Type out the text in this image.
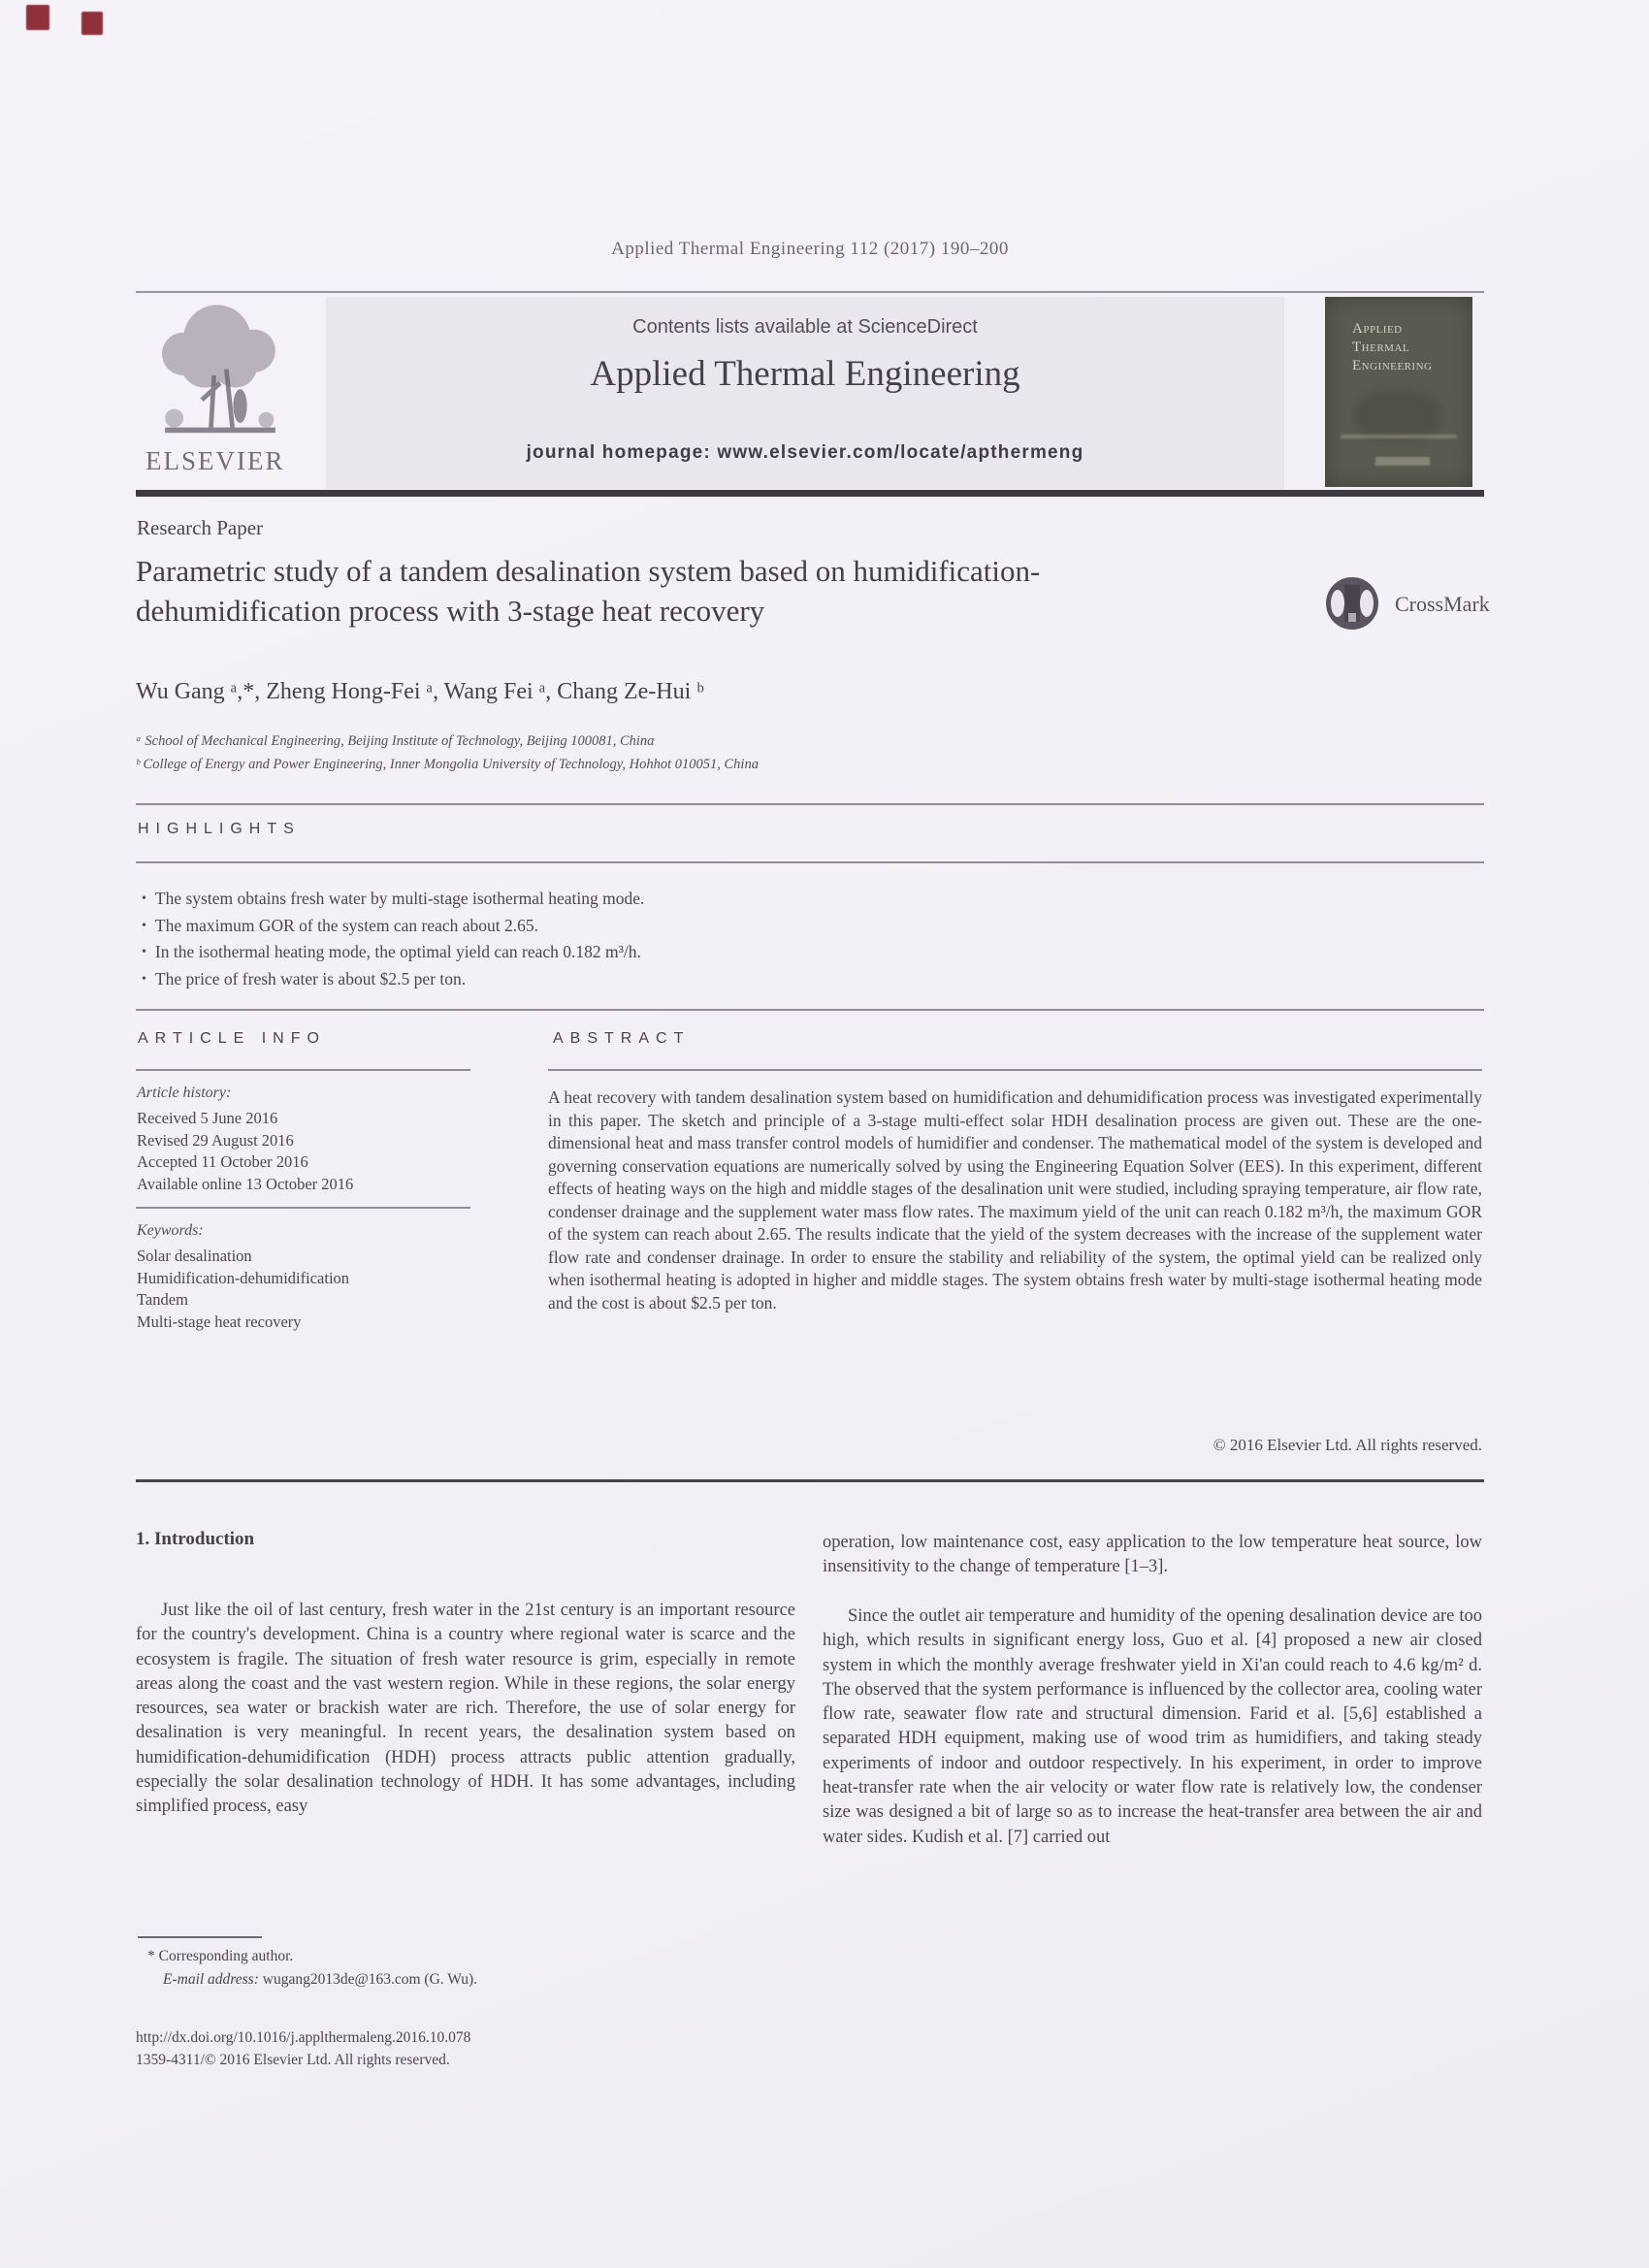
Applied Thermal Engineering 112 (2017) 190–200
ELSEVIER
Contents lists available at ScienceDirect
Applied Thermal Engineering
journal homepage: www.elsevier.com/locate/apthermeng
Applied
Thermal
Engineering
Research Paper
Parametric study of a tandem desalination system based on humidification-dehumidification process with 3-stage heat recovery	CrossMark
Wu Gang ᵃ,*, Zheng Hong-Fei ᵃ, Wang Fei ᵃ, Chang Ze-Hui ᵇ
ᵃ School of Mechanical Engineering, Beijing Institute of Technology, Beijing 100081, China
ᵇ College of Energy and Power Engineering, Inner Mongolia University of Technology, Hohhot 010051, China
HIGHLIGHTS
• The system obtains fresh water by multi-stage isothermal heating mode.
• The maximum GOR of the system can reach about 2.65.
• In the isothermal heating mode, the optimal yield can reach 0.182 m³/h.
• The price of fresh water is about $2.5 per ton.
ARTICLE INFO
Article history:
Received 5 June 2016
Revised 29 August 2016
Accepted 11 October 2016
Available online 13 October 2016
Keywords:
Solar desalination
Humidification-dehumidification
Tandem
Multi-stage heat recovery
ABSTRACT
A heat recovery with tandem desalination system based on humidification and dehumidification process was investigated experimentally in this paper. The sketch and principle of a 3-stage multi-effect solar HDH desalination process are given out. These are the one-dimensional heat and mass transfer control models of humidifier and condenser. The mathematical model of the system is developed and governing conservation equations are numerically solved by using the Engineering Equation Solver (EES). In this experiment, different effects of heating ways on the high and middle stages of the desalination unit were studied, including spraying temperature, air flow rate, condenser drainage and the supplement water mass flow rates. The maximum yield of the unit can reach 0.182 m³/h, the maximum GOR of the system can reach about 2.65. The results indicate that the yield of the system decreases with the increase of the supplement water flow rate and condenser drainage. In order to ensure the stability and reliability of the system, the optimal yield can be realized only when isothermal heating is adopted in higher and middle stages. The system obtains fresh water by multi-stage isothermal heating mode and the cost is about $2.5 per ton.
© 2016 Elsevier Ltd. All rights reserved.
1. Introduction
Just like the oil of last century, fresh water in the 21st century is an important resource for the country's development. China is a country where regional water is scarce and the ecosystem is fragile. The situation of fresh water resource is grim, especially in remote areas along the coast and the vast western region. While in these regions, the solar energy resources, sea water or brackish water are rich. Therefore, the use of solar energy for desalination is very meaningful. In recent years, the desalination system based on humidification-dehumidification (HDH) process attracts public attention gradually, especially the solar desalination technology of HDH. It has some advantages, including simplified process, easy
operation, low maintenance cost, easy application to the low temperature heat source, low insensitivity to the change of temperature [1–3].
Since the outlet air temperature and humidity of the opening desalination device are too high, which results in significant energy loss, Guo et al. [4] proposed a new air closed system in which the monthly average freshwater yield in Xi'an could reach to 4.6 kg/m² d. The observed that the system performance is influenced by the collector area, cooling water flow rate, seawater flow rate and structural dimension. Farid et al. [5,6] established a separated HDH equipment, making use of wood trim as humidifiers, and taking steady experiments of indoor and outdoor respectively. In his experiment, in order to improve heat-transfer rate when the air velocity or water flow rate is relatively low, the condenser size was designed a bit of large so as to increase the heat-transfer area between the air and water sides. Kudish et al. [7] carried out
* Corresponding author.
E-mail address: wugang2013de@163.com (G. Wu).
http://dx.doi.org/10.1016/j.applthermaleng.2016.10.078
1359-4311/© 2016 Elsevier Ltd. All rights reserved.
